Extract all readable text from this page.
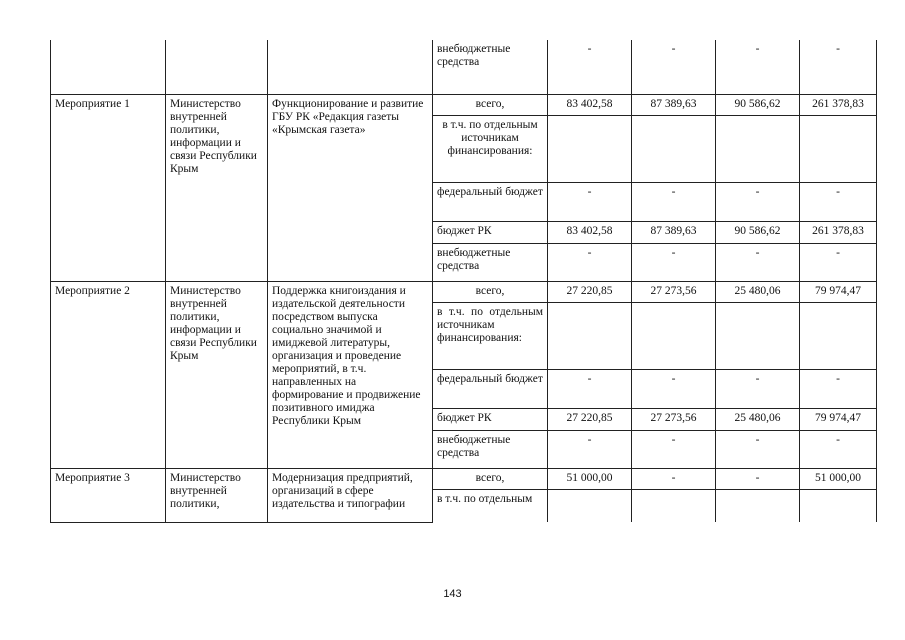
			внебюджетные средства	-	-	-	-
Мероприятие 1	Министерство внутренней политики, информации и связи Республики Крым	Функционирование и развитие ГБУ РК «Редакция газеты «Крымская газета»	всего,	83 402,58	87 389,63	90 586,62	261 378,83
			в т.ч. по отдельным источникам финансирования:				
			федеральный бюджет	-	-	-	-
			бюджет РК	83 402,58	87 389,63	90 586,62	261 378,83
			внебюджетные средства	-	-	-	-
Мероприятие 2	Министерство внутренней политики, информации и связи Республики Крым	Поддержка книгоиздания и издательской деятельности посредством выпуска социально значимой и имиджевой литературы, организация и проведение мероприятий, в т.ч. направленных на формирование и продвижение позитивного имиджа Республики Крым	всего,	27 220,85	27 273,56	25 480,06	79 974,47
			в т.ч. по отдельным источникам финансирования:				
			федеральный бюджет	-	-	-	-
			бюджет РК	27 220,85	27 273,56	25 480,06	79 974,47
			внебюджетные средства	-	-	-	-
Мероприятие 3	Министерство внутренней политики,	Модернизация предприятий, организаций в сфере издательства и типографии	всего,	51 000,00	-	-	51 000,00
			в т.ч. по отдельным				
143
